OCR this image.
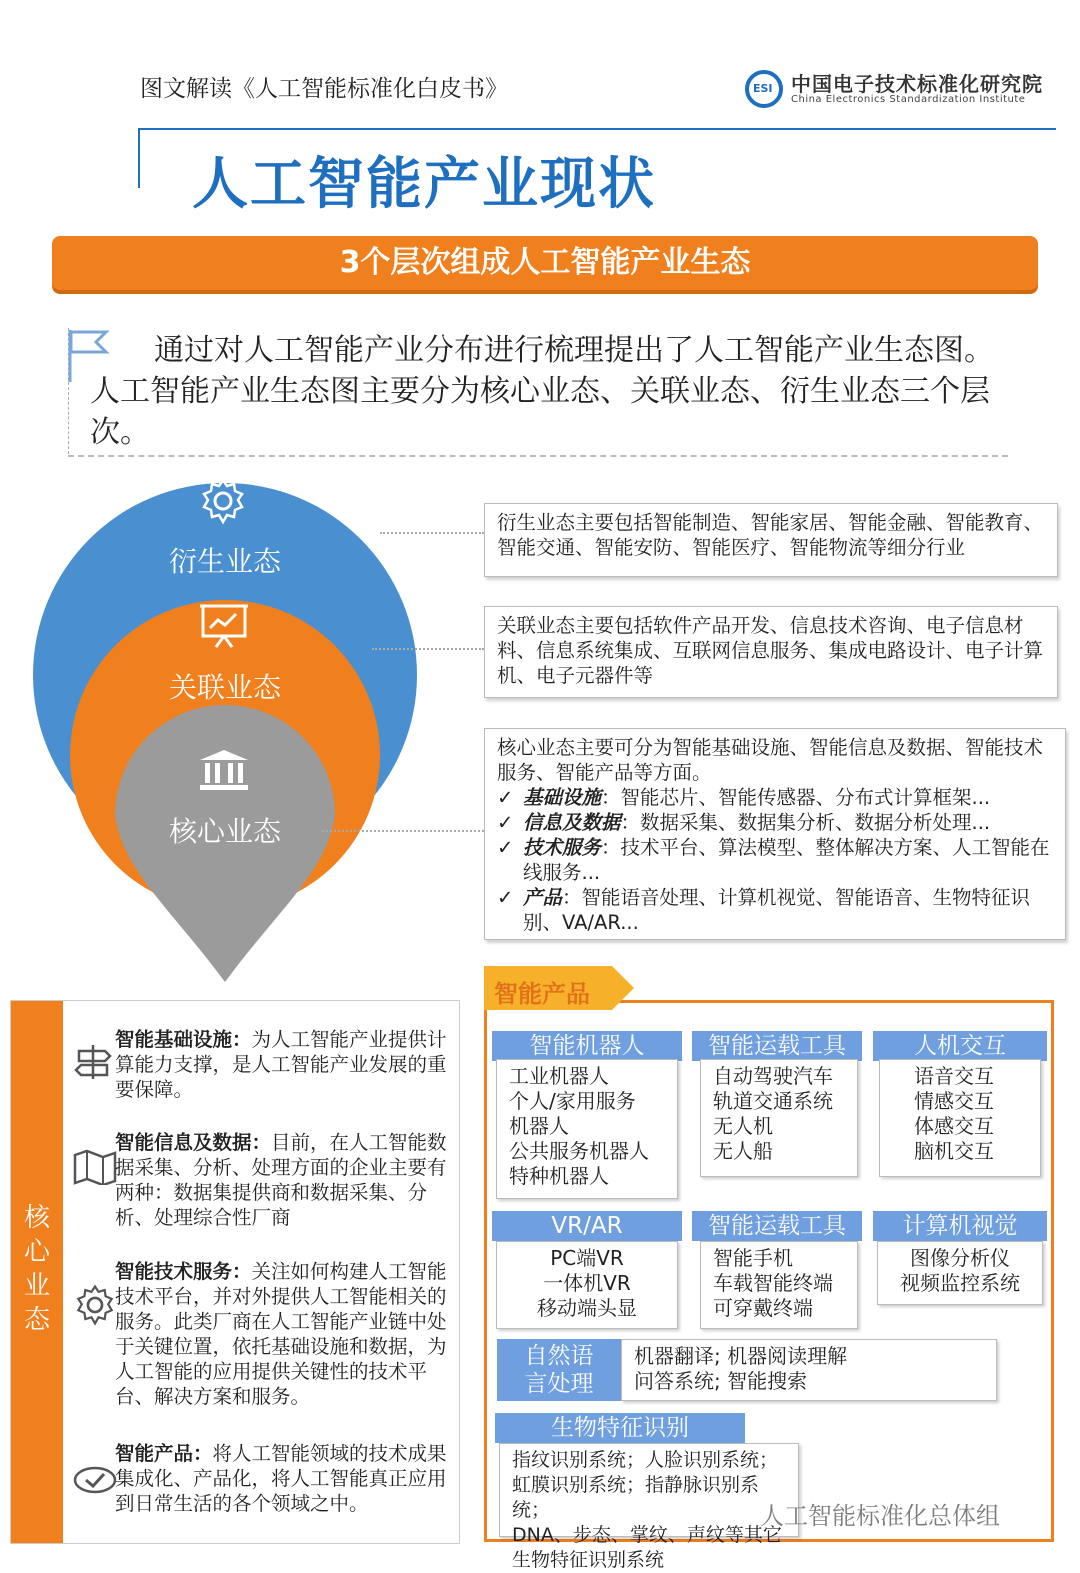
图文解读《人工智能标准化白皮书》	ESI 中国电子技术标准化研究院
China Electronics Standardization Institute
人工智能产业现状
3个层次组成人工智能产业生态
通过对人工智能产业分布进行梳理提出了人工智能产业生态图。人工智能产业生态图主要分为核心业态、关联业态、衍生业态三个层次。
衍生业态
关联业态
核心业态
衍生业态主要包括智能制造、智能家居、智能金融、智能教育、智能交通、智能安防、智能医疗、智能物流等细分行业
关联业态主要包括软件产品开发、信息技术咨询、电子信息材料、信息系统集成、互联网信息服务、集成电路设计、电子计算机、电子元器件等
核心业态主要可分为智能基础设施、智能信息及数据、智能技术服务、智能产品等方面。
✓ 基础设施：智能芯片、智能传感器、分布式计算框架...
✓ 信息及数据：数据采集、数据集分析、数据分析处理...
✓ 技术服务：技术平台、算法模型、整体解决方案、人工智能在线服务...
✓ 产品：智能语音处理、计算机视觉、智能语音、生物特征识别、VA/AR...
核心业态
智能基础设施：为人工智能产业提供计算能力支撑，是人工智能产业发展的重要保障。
智能信息及数据：目前，在人工智能数据采集、分析、处理方面的企业主要有两种：数据集提供商和数据采集、分析、处理综合性厂商
智能技术服务：关注如何构建人工智能技术平台，并对外提供人工智能相关的服务。此类厂商在人工智能产业链中处于关键位置，依托基础设施和数据，为人工智能的应用提供关键性的技术平台、解决方案和服务。
智能产品：将人工智能领域的技术成果集成化、产品化，将人工智能真正应用到日常生活的各个领域之中。
智能机器人
工业机器人
个人/家用服务
机器人
公共服务机器人
特种机器人
智能运载工具
自动驾驶汽车
轨道交通系统
无人机
无人船
人机交互
语音交互
情感交互
体感交互
脑机交互
VR/AR
PC端VR
一体机VR
移动端头显
智能运载工具
智能手机
车载智能终端
可穿戴终端
计算机视觉
图像分析仪
视频监控系统
自然语言处理
机器翻译; 机器阅读理解
问答系统; 智能搜索
生物特征识别
指纹识别系统；人脸识别系统；
虹膜识别系统；指静脉识别系统；
DNA、步态、掌纹、声纹等其它生物特征识别系统
智能产品
人工智能标准化总体组
